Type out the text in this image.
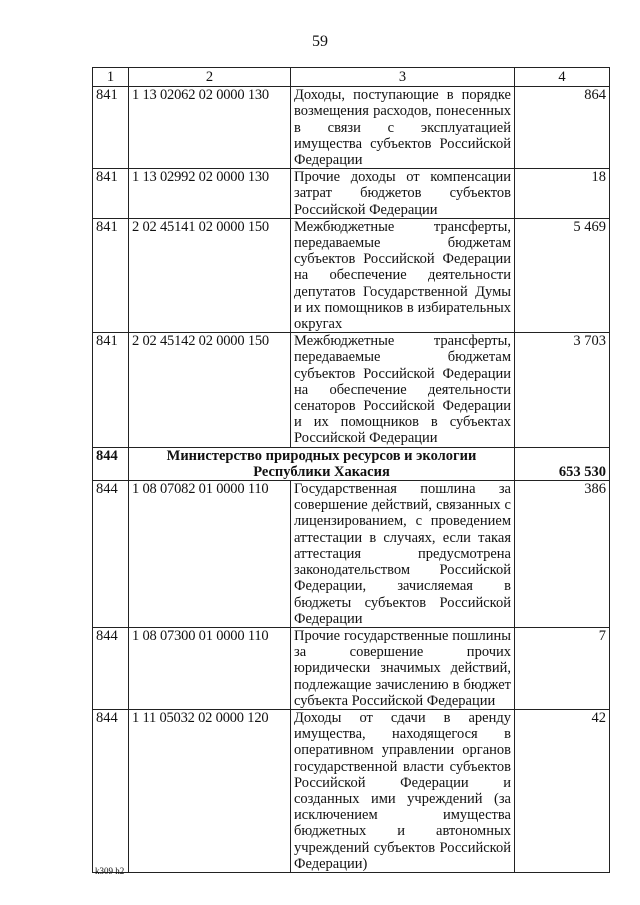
59
1	2	3	4
841	1 13 02062 02 0000 130	Доходы, поступающие в порядке возмещения расходов, понесенных в связи с эксплуатацией имущества субъектов Российской Федерации	864
841	1 13 02992 02 0000 130	Прочие доходы от компенсации затрат бюджетов субъектов Российской Федерации	18
841	2 02 45141 02 0000 150	Межбюджетные трансферты, передаваемые бюджетам субъектов Российской Федерации на обеспечение деятельности депутатов Государственной Думы и их помощников в избирательных округах	5 469
841	2 02 45142 02 0000 150	Межбюджетные трансферты, передаваемые бюджетам субъектов Российской Федерации на обеспечение деятельности сенаторов Российской Федерации и их помощников в субъектах Российской Федерации	3 703
844	Министерство природных ресурсов и экологии Республики Хакасия		653 530
844	1 08 07082 01 0000 110	Государственная пошлина за совершение действий, связанных с лицензированием, с проведением аттестации в случаях, если такая аттестация предусмотрена законодательством Российской Федерации, зачисляемая в бюджеты субъектов Российской Федерации	386
844	1 08 07300 01 0000 110	Прочие государственные пошлины за совершение прочих юридически значимых действий, подлежащие зачислению в бюджет субъекта Российской Федерации	7
844	1 11 05032 02 0000 120	Доходы от сдачи в аренду имущества, находящегося в оперативном управлении органов государственной власти субъектов Российской Федерации и созданных ими учреждений (за исключением имущества бюджетных и автономных учреждений субъектов Российской Федерации)	42
k309 h2
